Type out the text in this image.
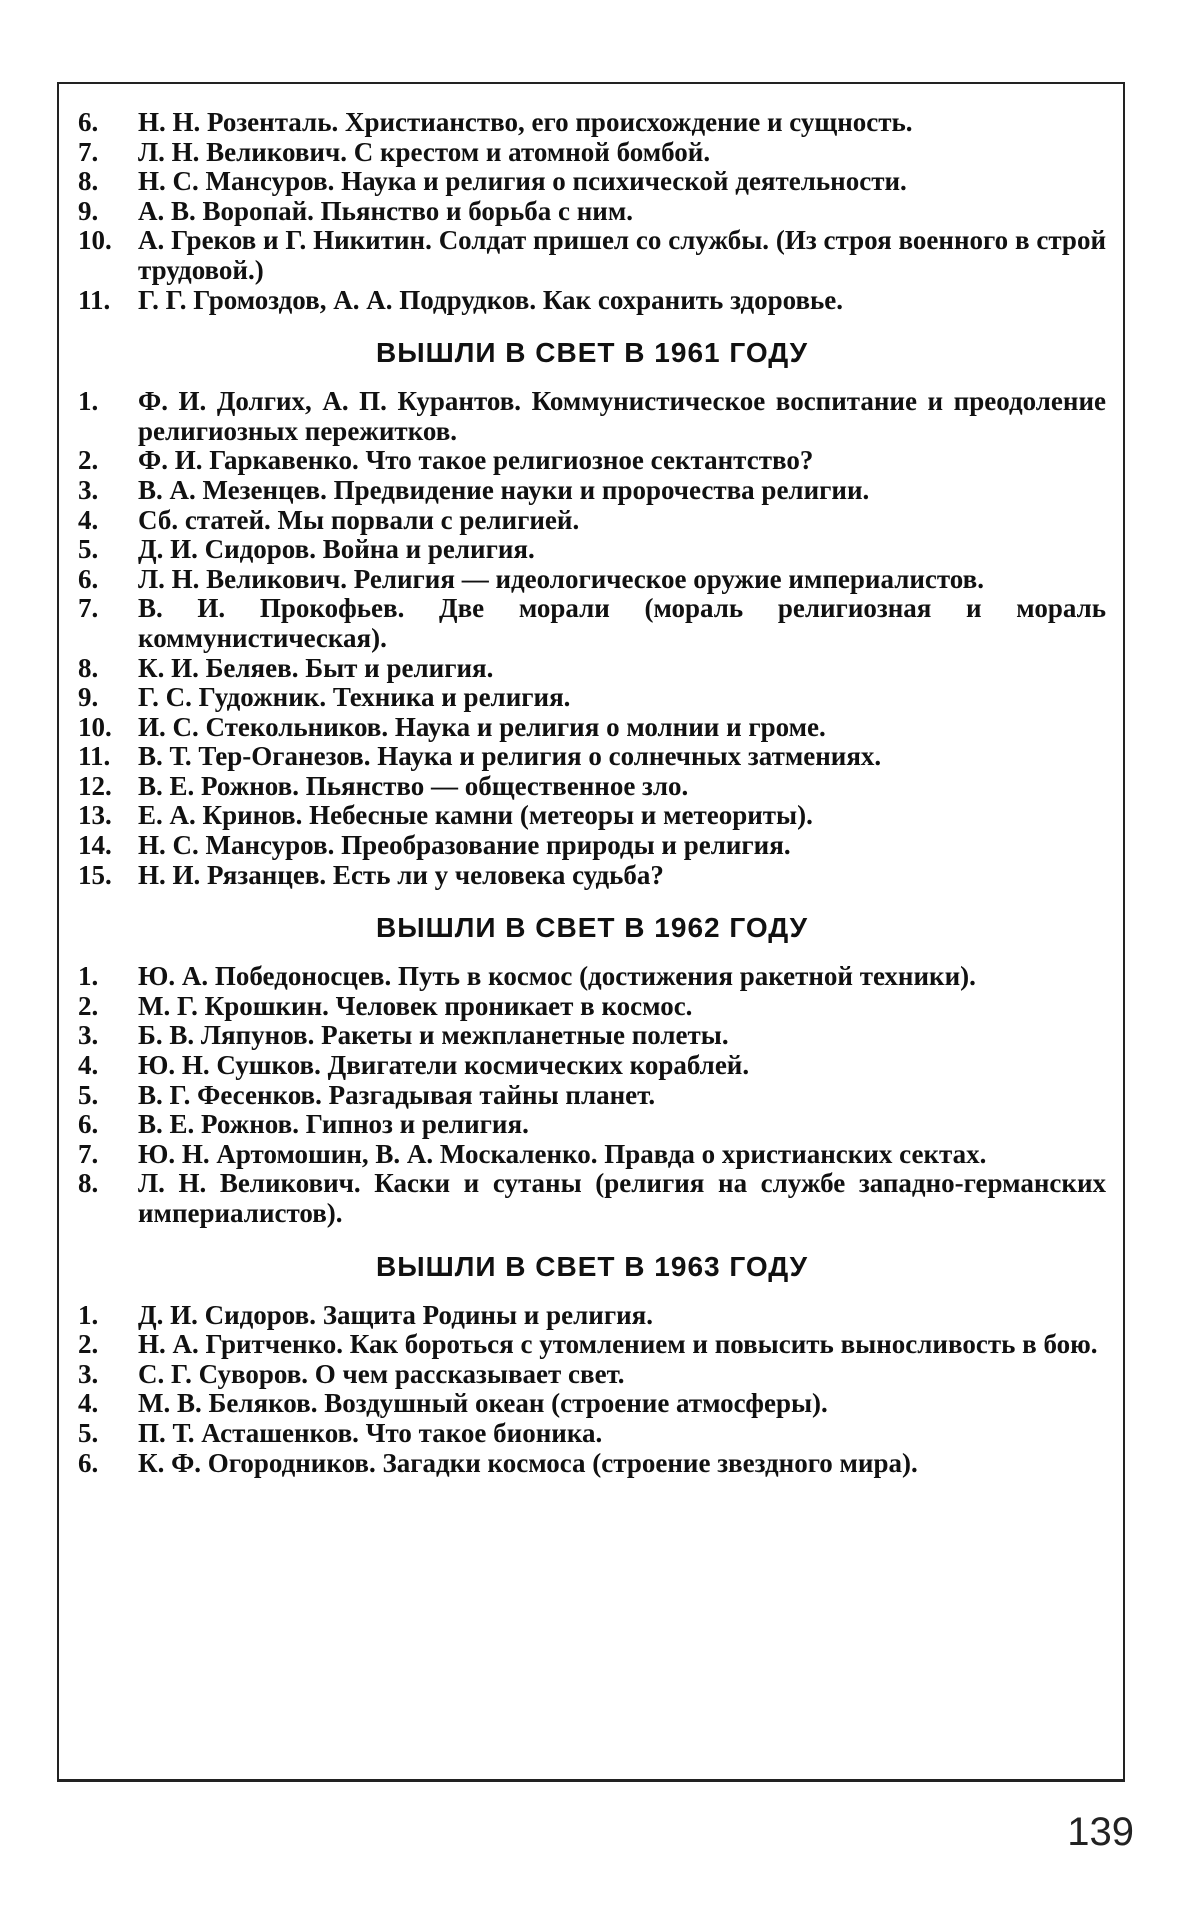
6.	Н. Н. Розенталь. Христианство, его происхождение и сущность.
7.	Л. Н. Великович. С крестом и атомной бомбой.
8.	Н. С. Мансуров. Наука и религия о психической деятельности.
9.	А. В. Воропай. Пьянство и борьба с ним.
10. А. Греков и Г. Никитин. Солдат пришел со службы. (Из строя военного в строй трудовой.)
11.	Г. Г. Громоздов, А. А. Подрудков. Как сохранить здоровье.
ВЫШЛИ В СВЕТ В 1961 ГОДУ
1.	Ф. И. Долгих, А. П. Курантов. Коммунистическое воспитание и преодоление религиозных пережитков.
2.	Ф. И. Гаркавенко. Что такое религиозное сектантство?
3.	В. А. Мезенцев. Предвидение науки и пророчества религии.
4.	Сб. статей. Мы порвали с религией.
5.	Д. И. Сидоров. Война и религия.
6.	Л. Н. Великович. Религия — идеологическое оружие империалистов.
7.	В. И. Прокофьев. Две морали (мораль религиозная и мораль коммунистическая).
8.	К. И. Беляев. Быт и религия.
9.	Г. С. Гудожник. Техника и религия.
10. И. С. Стекольников. Наука и религия о молнии и громе.
11.	В. Т. Тер-Оганезов. Наука и религия о солнечных затмениях.
12. В. Е. Рожнов. Пьянство — общественное зло.
13. Е. А. Кринов. Небесные камни (метеоры и метеориты).
14. Н. С. Мансуров. Преобразование природы и религия.
15. Н. И. Рязанцев. Есть ли у человека судьба?
ВЫШЛИ В СВЕТ В 1962 ГОДУ
1.	Ю. А. Победоносцев. Путь в космос (достижения ракетной техники).
2.	М. Г. Крошкин. Человек проникает в космос.
3.	Б. В. Ляпунов. Ракеты и межпланетные полеты.
4.	Ю. Н. Сушков. Двигатели космических кораблей.
5.	В. Г. Фесенков. Разгадывая тайны планет.
6.	В. Е. Рожнов. Гипноз и религия.
7.	Ю. Н. Артомошин, В. А. Москаленко. Правда о христианских сектах.
8.	Л. Н. Великович. Каски и сутаны (религия на службе западно-германских империалистов).
ВЫШЛИ В СВЕТ В 1963 ГОДУ
1.	Д. И. Сидоров. Защита Родины и религия.
2.	Н. А. Гритченко. Как бороться с утомлением и повысить выносливость в бою.
3.	С. Г. Суворов. О чем рассказывает свет.
4.	М. В. Беляков. Воздушный океан (строение атмосферы).
5.	П. Т. Асташенков. Что такое бионика.
6.	К. Ф. Огородников. Загадки космоса (строение звездного мира).
139
